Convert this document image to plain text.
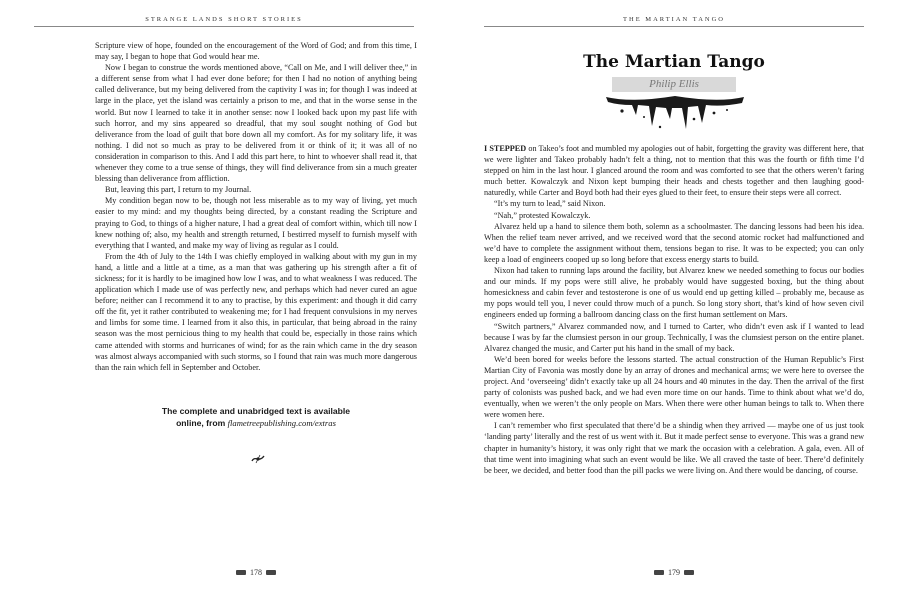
STRANGE LANDS SHORT STORIES

Scripture view of hope, founded on the encouragement of the Word of God; and from this time, I may say, I began to hope that God would hear me.

Now I began to construe the words mentioned above, “Call on Me, and I will deliver thee,” in a different sense from what I had ever done before; for then I had no notion of anything being called deliverance, but my being delivered from the captivity I was in; for though I was indeed at large in the place, yet the island was certainly a prison to me, and that in the worse sense in the world. But now I learned to take it in another sense: now I looked back upon my past life with such horror, and my sins appeared so dreadful, that my soul sought nothing of God but deliverance from the load of guilt that bore down all my comfort. As for my solitary life, it was nothing. I did not so much as pray to be delivered from it or think of it; it was all of no consideration in comparison to this. And I add this part here, to hint to whoever shall read it, that whenever they come to a true sense of things, they will find deliverance from sin a much greater blessing than deliverance from affliction.

But, leaving this part, I return to my Journal.

My condition began now to be, though not less miserable as to my way of living, yet much easier to my mind: and my thoughts being directed, by a constant reading the Scripture and praying to God, to things of a higher nature, I had a great deal of comfort within, which till now I knew nothing of; also, my health and strength returned, I bestirred myself to furnish myself with everything that I wanted, and make my way of living as regular as I could.

From the 4th of July to the 14th I was chiefly employed in walking about with my gun in my hand, a little and a little at a time, as a man that was gathering up his strength after a fit of sickness; for it is hardly to be imagined how low I was, and to what weakness I was reduced. The application which I made use of was perfectly new, and perhaps which had never cured an ague before; neither can I recommend it to any to practise, by this experiment: and though it did carry off the fit, yet it rather contributed to weakening me; for I had frequent convulsions in my nerves and limbs for some time. I learned from it also this, in particular, that being abroad in the rainy season was the most pernicious thing to my health that could be, especially in those rains which came attended with storms and hurricanes of wind; for as the rain which came in the dry season was almost always accompanied with such storms, so I found that rain was much more dangerous than the rain which fell in September and October.

The complete and unabridged text is available
online, from flametreepublishing.com/extras
178
THE MARTIAN TANGO
The Martian Tango
Philip Ellis

I STEPPED on Takeo’s foot and mumbled my apologies out of habit, forgetting the gravity was different here, that we were lighter and Takeo probably hadn’t felt a thing, not to mention that this was the fourth or fifth time I’d stepped on him in the last hour. I glanced around the room and was comforted to see that the others weren’t faring much better. Kowalczyk and Nixon kept bumping their heads and chests together and then laughing good-naturedly, while Carter and Boyd both had their eyes glued to their feet, to ensure their steps were all correct.

“It’s my turn to lead,” said Nixon.

“Nah,” protested Kowalczyk.

Alvarez held up a hand to silence them both, solemn as a schoolmaster. The dancing lessons had been his idea. When the relief team never arrived, and we received word that the second atomic rocket had malfunctioned and we’d have to complete the assignment without them, tensions began to rise. It was to be expected; you can only keep a load of engineers cooped up so long before that excess energy starts to build.

Nixon had taken to running laps around the facility, but Alvarez knew we needed something to focus our bodies and our minds. If my pops were still alive, he probably would have suggested boxing, but the thing about homesickness and cabin fever and testosterone is one of us would end up getting killed – probably me, because as my pops would tell you, I never could throw much of a punch. So long story short, that’s kind of how seven civil engineers ended up forming a ballroom dancing class on the first human settlement on Mars.

“Switch partners,” Alvarez commanded now, and I turned to Carter, who didn’t even ask if I wanted to lead because I was by far the clumsiest person in our group. Technically, I was the clumsiest person on the entire planet. Alvarez changed the music, and Carter put his hand in the small of my back.

We’d been bored for weeks before the lessons started. The actual construction of the Human Republic’s First Martian City of Favonia was mostly done by an array of drones and mechanical arms; we were here to oversee the project. And ‘overseeing’ didn’t exactly take up all 24 hours and 40 minutes in the day. Then the arrival of the first party of colonists was pushed back, and we had even more time on our hands. Time to think about what we’d do, eventually, when we weren’t the only people on Mars. When there were other human beings to talk to. When there were women here.

I can’t remember who first speculated that there’d be a shindig when they arrived — maybe one of us just took ‘landing party’ literally and the rest of us went with it. But it made perfect sense to everyone. This was a grand new chapter in humanity’s history, it was only right that we mark the occasion with a celebration. A gala, even. All of that time went into imagining what such an event would be like. We all craved the taste of beer. There’d definitely be beer, we decided, and better food than the pill packs we were living on. And there would be dancing, of course.

179
